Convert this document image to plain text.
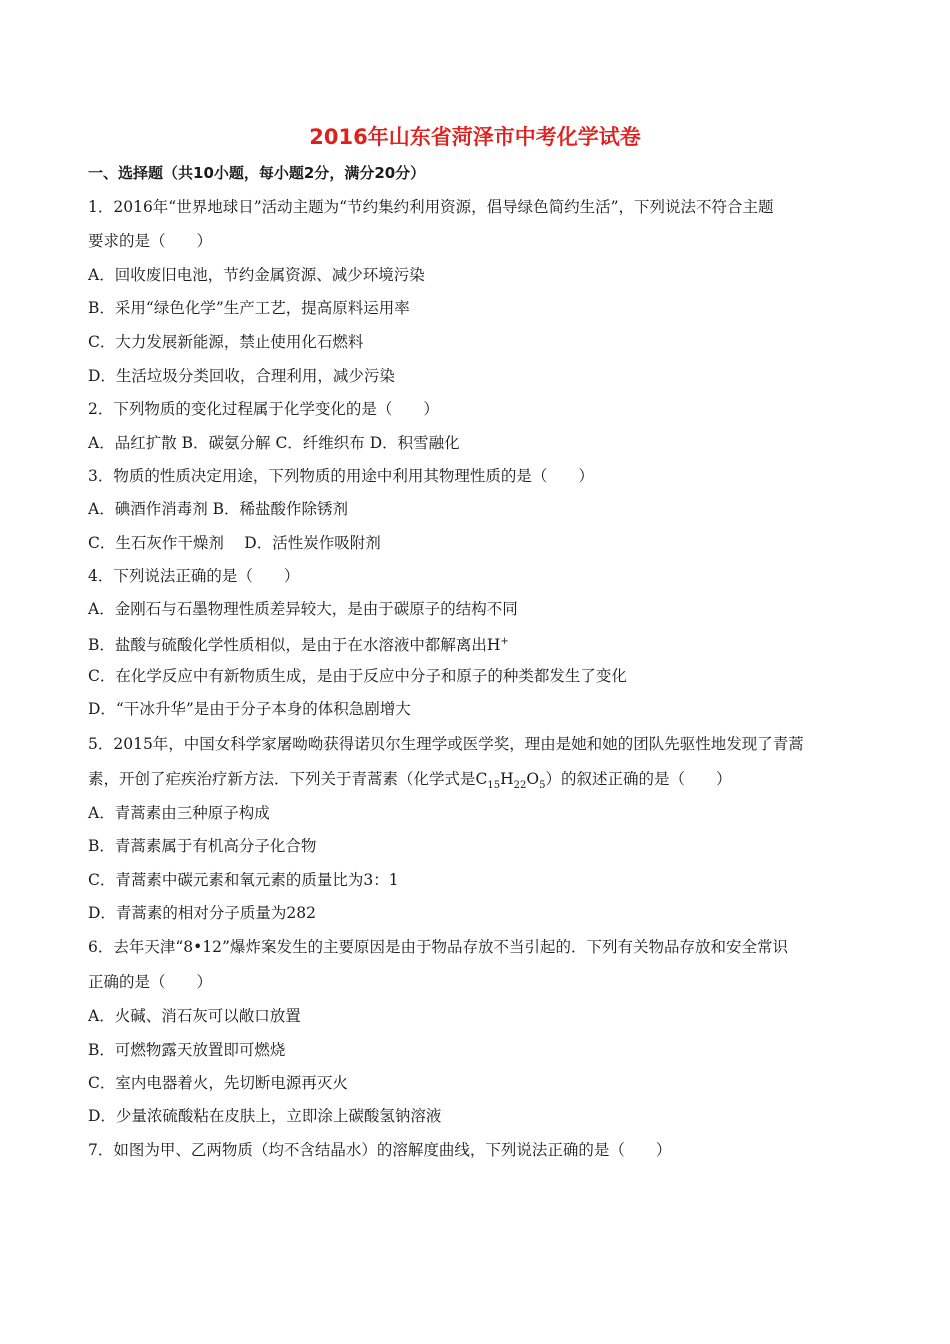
2016年山东省菏泽市中考化学试卷
一、选择题（共10小题，每小题2分，满分20分）
1．2016年“世界地球日”活动主题为“节约集约利用资源，倡导绿色简约生活”，下列说法不符合主题
要求的是（　　）
A．回收废旧电池，节约金属资源、减少环境污染
B．采用“绿色化学”生产工艺，提高原料运用率
C．大力发展新能源，禁止使用化石燃料
D．生活垃圾分类回收，合理利用，减少污染
2．下列物质的变化过程属于化学变化的是（　　）
A．品红扩散 B．碳氨分解 C．纤维织布 D．积雪融化
3．物质的性质决定用途，下列物质的用途中利用其物理性质的是（　　）
A．碘酒作消毒剂 B．稀盐酸作除锈剂
C．生石灰作干燥剂　 D．活性炭作吸附剂
4．下列说法正确的是（　　）
A．金刚石与石墨物理性质差异较大，是由于碳原子的结构不同
B．盐酸与硫酸化学性质相似，是由于在水溶液中都解离出H+
C．在化学反应中有新物质生成，是由于反应中分子和原子的种类都发生了变化
D．“干冰升华”是由于分子本身的体积急剧增大
5．2015年，中国女科学家屠呦呦获得诺贝尔生理学或医学奖，理由是她和她的团队先驱性地发现了青蒿
素，开创了疟疾治疗新方法．下列关于青蒿素（化学式是$C_{15}H_{22}O_5$）的叙述正确的是（　　）
A．青蒿素由三种原子构成
B．青蒿素属于有机高分子化合物
C．青蒿素中碳元素和氧元素的质量比为3：1
D．青蒿素的相对分子质量为282
6．去年天津“8•12”爆炸案发生的主要原因是由于物品存放不当引起的．下列有关物品存放和安全常识
正确的是（　　）
A．火碱、消石灰可以敞口放置
B．可燃物露天放置即可燃烧
C．室内电器着火，先切断电源再灭火
D．少量浓硫酸粘在皮肤上，立即涂上碳酸氢钠溶液
7．如图为甲、乙两物质（均不含结晶水）的溶解度曲线，下列说法正确的是（　　）
